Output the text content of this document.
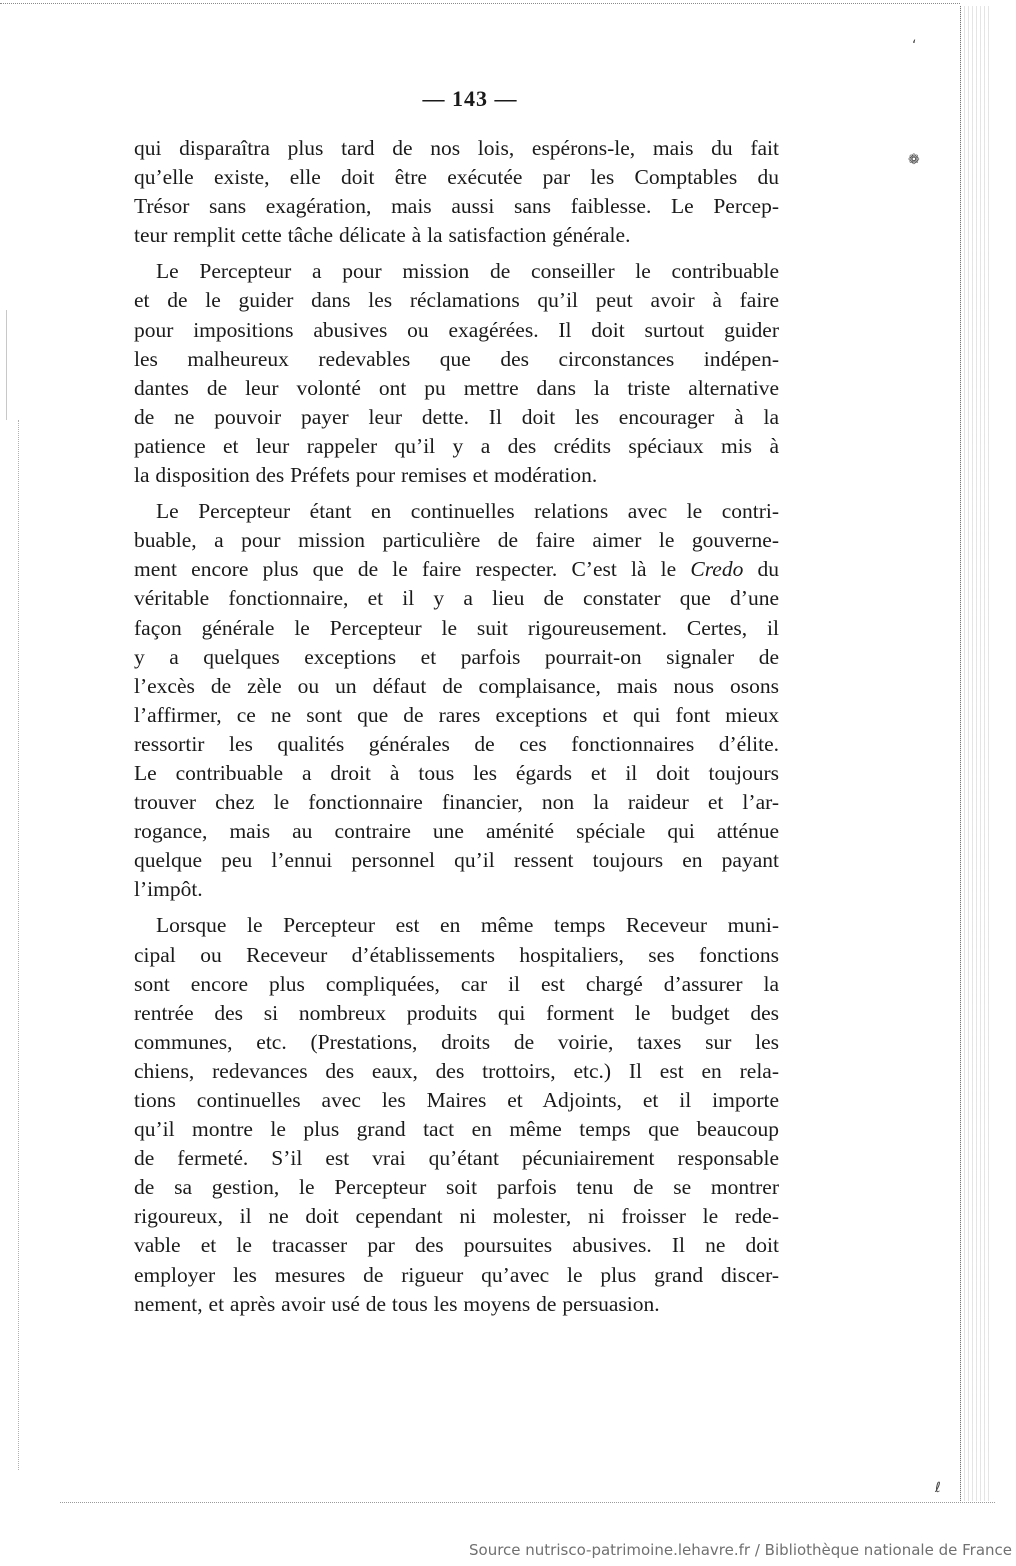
‘
❁
ℓ
— 143 —

qui disparaîtra plus tard de nos lois, espérons-le, mais du fait
qu’elle existe, elle doit être exécutée par les Comptables du
Trésor sans exagération, mais aussi sans faiblesse. Le Percep-
teur remplit cette tâche délicate à la satisfaction générale.

Le Percepteur a pour mission de conseiller le contribuable
et de le guider dans les réclamations qu’il peut avoir à faire
pour impositions abusives ou exagérées. Il doit surtout guider
les malheureux redevables que des circonstances indépen-
dantes de leur volonté ont pu mettre dans la triste alternative
de ne pouvoir payer leur dette. Il doit les encourager à la
patience et leur rappeler qu’il y a des crédits spéciaux mis à
la disposition des Préfets pour remises et modération.

Le Percepteur étant en continuelles relations avec le contri-
buable, a pour mission particulière de faire aimer le gouverne-
ment encore plus que de le faire respecter. C’est là le Credo du
véritable fonctionnaire, et il y a lieu de constater que d’une
façon générale le Percepteur le suit rigoureusement. Certes, il
y a quelques exceptions et parfois pourrait-on signaler de
l’excès de zèle ou un défaut de complaisance, mais nous osons
l’affirmer, ce ne sont que de rares exceptions et qui font mieux
ressortir les qualités générales de ces fonctionnaires d’élite.
Le contribuable a droit à tous les égards et il doit toujours
trouver chez le fonctionnaire financier, non la raideur et l’ar-
rogance, mais au contraire une aménité spéciale qui atténue
quelque peu l’ennui personnel qu’il ressent toujours en payant
l’impôt.

Lorsque le Percepteur est en même temps Receveur muni-
cipal ou Receveur d’établissements hospitaliers, ses fonctions
sont encore plus compliquées, car il est chargé d’assurer la
rentrée des si nombreux produits qui forment le budget des
communes, etc. (Prestations, droits de voirie, taxes sur les
chiens, redevances des eaux, des trottoirs, etc.) Il est en rela-
tions continuelles avec les Maires et Adjoints, et il importe
qu’il montre le plus grand tact en même temps que beaucoup
de fermeté. S’il est vrai qu’étant pécuniairement responsable
de sa gestion, le Percepteur soit parfois tenu de se montrer
rigoureux, il ne doit cependant ni molester, ni froisser le rede-
vable et le tracasser par des poursuites abusives. Il ne doit
employer les mesures de rigueur qu’avec le plus grand discer-
nement, et après avoir usé de tous les moyens de persuasion.

Source nutrisco-patrimoine.lehavre.fr / Bibliothèque nationale de France
